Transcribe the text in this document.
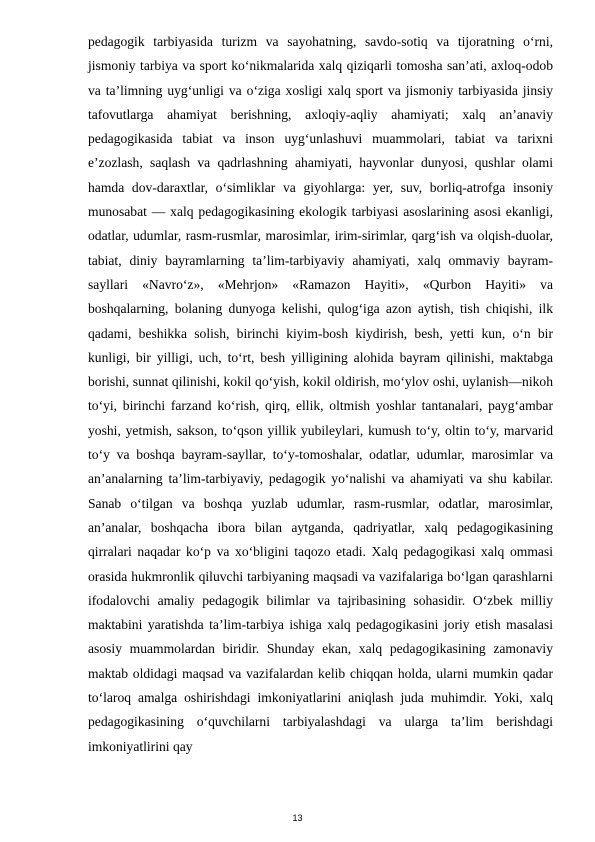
pedagogik tarbiyasida turizm va sayohatning, savdo-sotiq va tijoratning o‘rni, jismoniy tarbiya va sport ko‘nikmalarida xalq qiziqarli tomosha san’ati, axloq-odob va ta’limning uyg‘unligi va o‘ziga xosligi xalq sport va jismoniy tarbiyasida jinsiy tafovutlarga ahamiyat berishning, axloqiy-aqliy ahamiyati; xalq an’anaviy pedagogikasida tabiat va inson uyg‘unlashuvi muammolari, tabiat va tarixni e’zozlash, saqlash va qadrlashning ahamiyati, hayvonlar dunyosi, qushlar olami hamda dov-daraxtlar, o‘simliklar va giyohlarga: yer, suv, borliq-atrofga insoniy munosabat — xalq pedagogikasining ekologik tarbiyasi asoslarining asosi ekanligi, odatlar, udumlar, rasm-rusmlar, marosimlar, irim-sirimlar, qarg‘ish va olqish-duolar, tabiat, diniy bayramlarning ta’lim-tarbiyaviy ahamiyati, xalq ommaviy bayram-sayllari «Navro‘z», «Mehrjon» «Ramazon Hayiti», «Qurbon Hayiti» va boshqalarning, bolaning dunyoga kelishi, qulog‘iga azon aytish, tish chiqishi, ilk qadami, beshikka solish, birinchi kiyim-bosh kiydirish, besh, yetti kun, o‘n bir kunligi, bir yilligi, uch, to‘rt, besh yilligining alohida bayram qilinishi, maktabga borishi, sunnat qilinishi, kokil qo‘yish, kokil oldirish, mo‘ylov oshi, uylanish—nikoh to‘yi, birinchi farzand ko‘rish, qirq, ellik, oltmish yoshlar tantanalari, payg‘ambar yoshi, yetmish, sakson, to‘qson yillik yubileylari, kumush to‘y, oltin to‘y, marvarid to‘y va boshqa bayram-sayllar, to‘y-tomoshalar, odatlar, udumlar, marosimlar va an’analarning ta’lim-tarbiyaviy, pedagogik yo‘nalishi va ahamiyati va shu kabilar. Sanab o‘tilgan va boshqa yuzlab udumlar, rasm-rusmlar, odatlar, marosimlar, an’analar, boshqacha ibora bilan aytganda, qadriyatlar, xalq pedagogikasining qirralari naqadar ko‘p va xo‘bligini taqozo etadi. Xalq pedagogikasi xalq ommasi orasida hukmronlik qiluvchi tarbiyaning maqsadi va vazifalariga bo‘lgan qarashlarni ifodalovchi amaliy pedagogik bilimlar va tajribasining sohasidir. O‘zbek milliy maktabini yaratishda ta’lim-tarbiya ishiga xalq pedagogikasini joriy etish masalasi asosiy muammolardan biridir. Shunday ekan, xalq pedagogikasining zamonaviy maktab oldidagi maqsad va vazifalardan kelib chiqqan holda, ularni mumkin qadar to‘laroq amalga oshirishdagi imkoniyatlarini aniqlash juda muhimdir. Yoki, xalq pedagogikasining o‘quvchilarni tarbiyalashdagi va ularga ta’lim berishdagi imkoniyatlirini qay

13
